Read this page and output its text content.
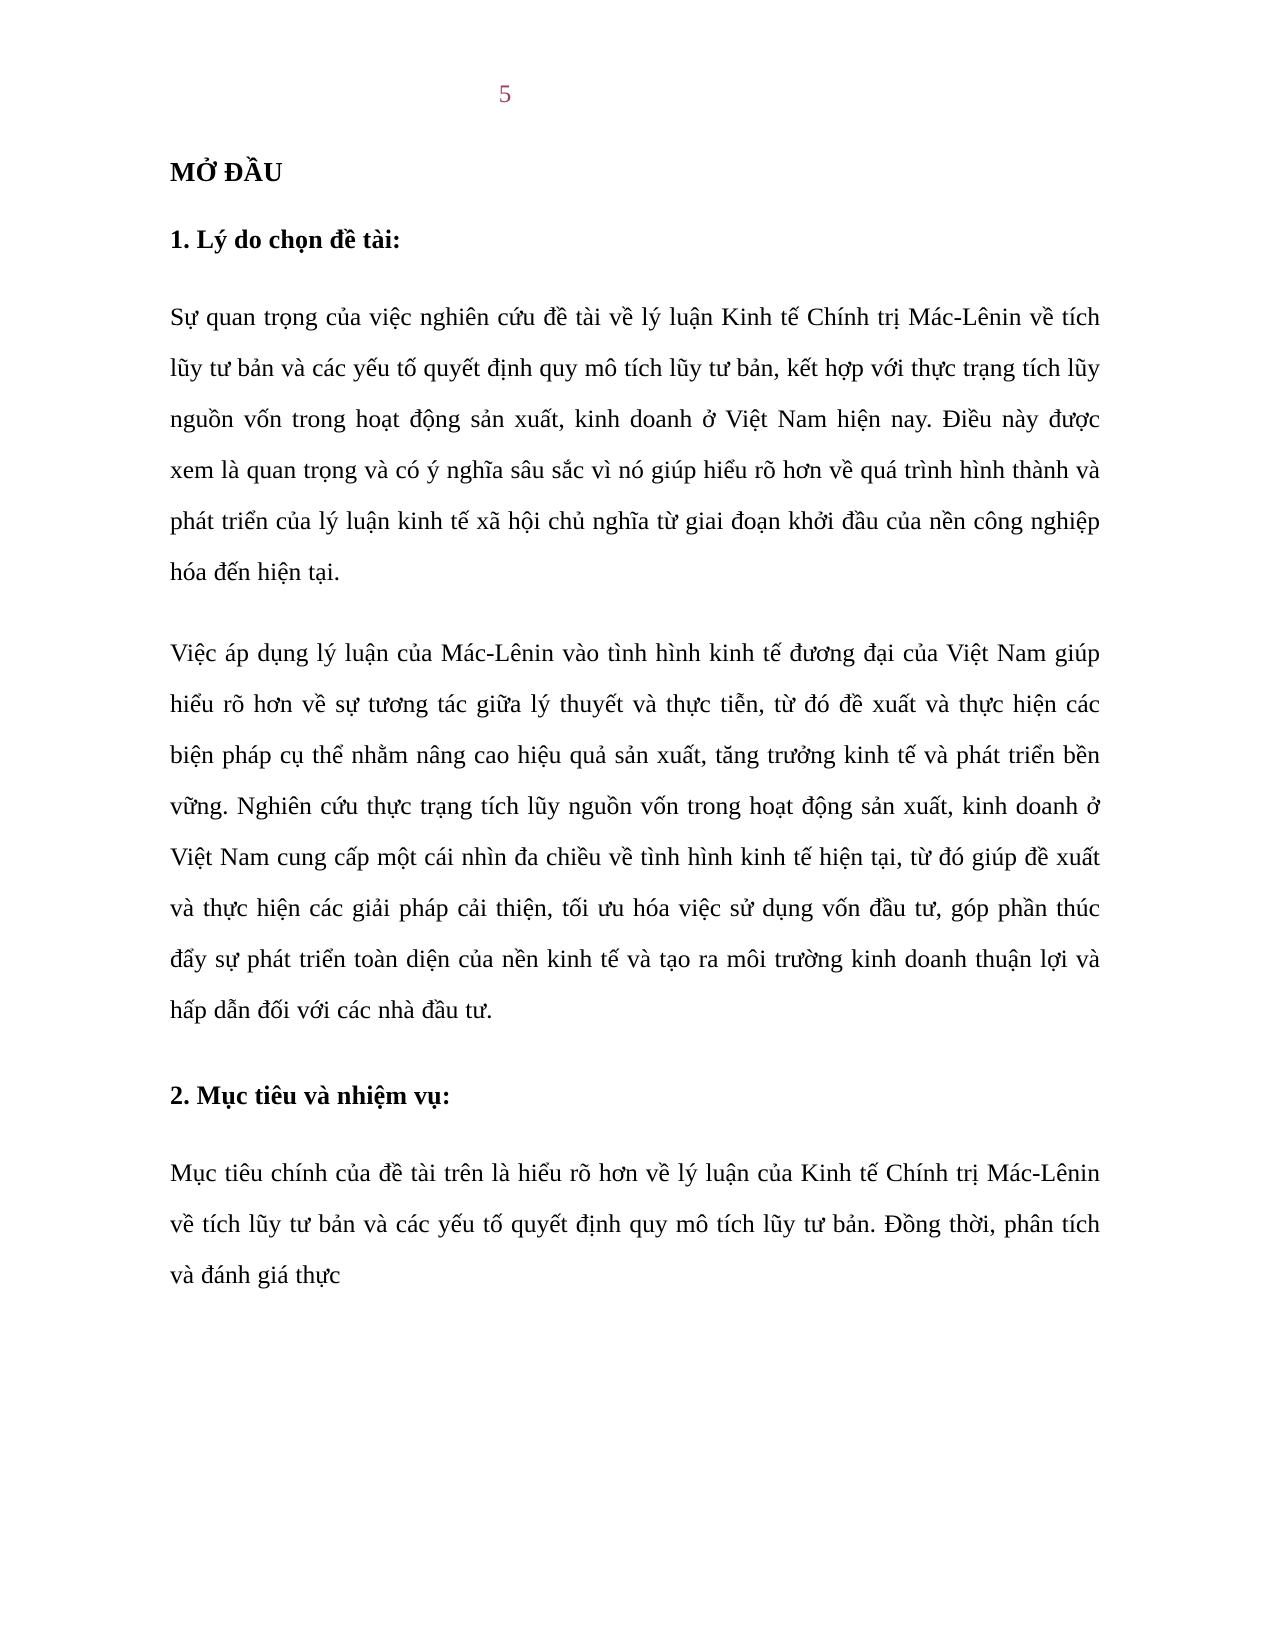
5
MỞ ĐẦU
1. Lý do chọn đề tài:

Sự quan trọng của việc nghiên cứu đề tài về lý luận Kinh tế Chính trị Mác-Lênin về tích lũy tư bản và các yếu tố quyết định quy mô tích lũy tư bản, kết hợp với thực trạng tích lũy nguồn vốn trong hoạt động sản xuất, kinh doanh ở Việt Nam hiện nay. Điều này được xem là quan trọng và có ý nghĩa sâu sắc vì nó giúp hiểu rõ hơn về quá trình hình thành và phát triển của lý luận kinh tế xã hội chủ nghĩa từ giai đoạn khởi đầu của nền công nghiệp hóa đến hiện tại.

Việc áp dụng lý luận của Mác-Lênin vào tình hình kinh tế đương đại của Việt Nam giúp hiểu rõ hơn về sự tương tác giữa lý thuyết và thực tiễn, từ đó đề xuất và thực hiện các biện pháp cụ thể nhằm nâng cao hiệu quả sản xuất, tăng trưởng kinh tế và phát triển bền vững. Nghiên cứu thực trạng tích lũy nguồn vốn trong hoạt động sản xuất, kinh doanh ở Việt Nam cung cấp một cái nhìn đa chiều về tình hình kinh tế hiện tại, từ đó giúp đề xuất và thực hiện các giải pháp cải thiện, tối ưu hóa việc sử dụng vốn đầu tư, góp phần thúc đẩy sự phát triển toàn diện của nền kinh tế và tạo ra môi trường kinh doanh thuận lợi và hấp dẫn đối với các nhà đầu tư.

2. Mục tiêu và nhiệm vụ:

Mục tiêu chính của đề tài trên là hiểu rõ hơn về lý luận của Kinh tế Chính trị Mác-Lênin về tích lũy tư bản và các yếu tố quyết định quy mô tích lũy tư bản. Đồng thời, phân tích và đánh giá thực
